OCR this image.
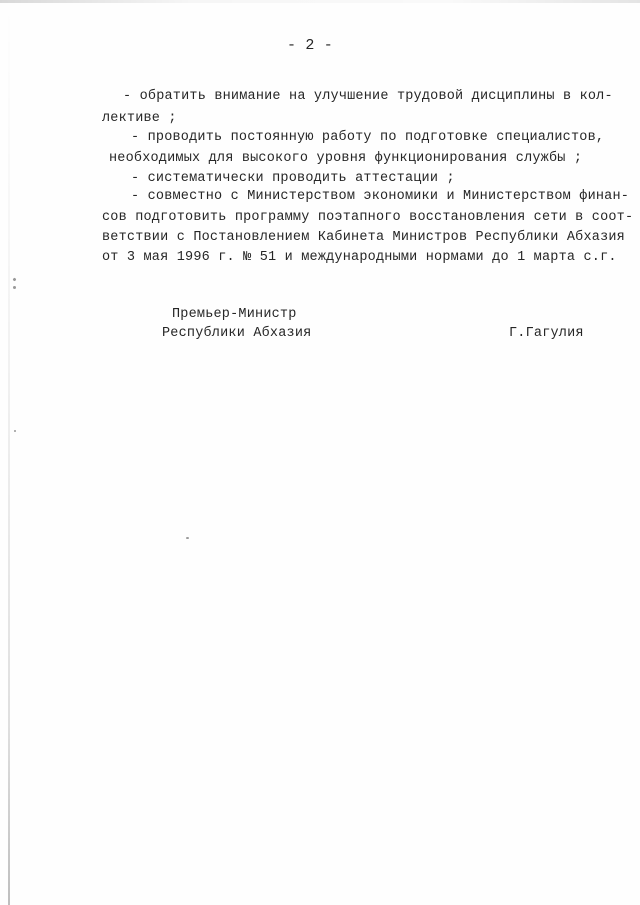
- 2 -
- обратить внимание на улучшение трудовой дисциплины в кол-
лективе ;
- проводить постоянную работу по подготовке специалистов,
необходимых для высокого уровня функционирования службы ;
- систематически проводить аттестации ;
- совместно с Министерством экономики и Министерством финан-
сов подготовить программу поэтапного восстановления сети в соот-
ветствии с Постановлением Кабинета Министров Республики Абхазия
от 3 мая 1996 г. № 51 и международными нормами до 1 марта с.г.
Премьер-Министр
Республики Абхазия	Г.Гагулия
